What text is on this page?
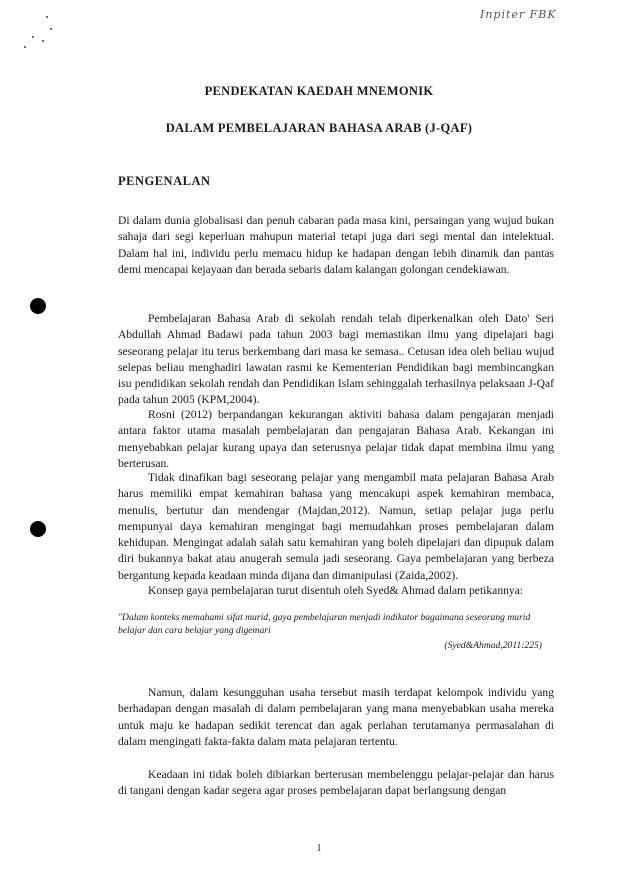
Inpiter FBK
PENDEKATAN KAEDAH MNEMONIK
DALAM PEMBELAJARAN BAHASA ARAB (J-QAF)
PENGENALAN

Di dalam dunia globalisasi dan penuh cabaran pada masa kini, persaingan yang wujud bukan sahaja dari segi keperluan mahupun material tetapi juga dari segi mental dan intelektual. Dalam hal ini, individu perlu memacu hidup ke hadapan dengan lebih dinamik dan pantas demi mencapai kejayaan dan berada sebaris dalam kalangan golongan cendekiawan.

Pembelajaran Bahasa Arab di sekolah rendah telah diperkenalkan oleh Dato' Seri Abdullah Ahmad Badawi pada tahun 2003 bagi memastikan ilmu yang dipelajari bagi seseorang pelajar itu terus berkembang dari masa ke semasa.. Cetusan idea oleh beliau wujud selepas beliau menghadiri lawatan rasmi ke Kementerian Pendidikan bagi membincangkan isu pendidikan sekolah rendah dan Pendidikan Islam sehinggalah terhasilnya pelaksaan J-Qaf pada tahun 2005 (KPM,2004).

Rosni (2012) berpandangan kekurangan aktiviti bahasa dalam pengajaran menjadi antara faktor utama masalah pembelajaran dan pengajaran Bahasa Arab. Kekangan ini menyebabkan pelajar kurang upaya dan seterusnya pelajar tidak dapat membina ilmu yang berterusan.

Tidak dinafikan bagi seseorang pelajar yang mengambil mata pelajaran Bahasa Arab harus memiliki empat kemahiran bahasa yang mencakupi aspek kemahiran membaca, menulis, bertutur dan mendengar (Majdan,2012). Namun, setiap pelajar juga perlu mempunyai daya kemahiran mengingat bagi memudahkan proses pembelajaran dalam kehidupan. Mengingat adalah salah satu kemahiran yang boleh dipelajari dan dipupuk dalam diri bukannya bakat atau anugerah semula jadi seseorang. Gaya pembelajaran yang berbeza bergantung kepada keadaan minda dijana dan dimanipulasi (Zaida,2002).

Konsep gaya pembelajaran turut disentuh oleh Syed& Ahmad dalam petikannya:

"Dalam konteks memahami sifat murid, gaya pembelajaran menjadi indikator bagaimana seseorang murid belajar dan cara belajar yang digemari

(Syed&Ahmad,2011:225)

Namun, dalam kesungguhan usaha tersebut masih terdapat kelompok individu yang berhadapan dengan masalah di dalam pembelajaran yang mana menyebabkan usaha mereka untuk maju ke hadapan sedikit terencat dan agak perlahan terutamanya permasalahan di dalam mengingati fakta-fakta dalam mata pelajaran tertentu.

Keadaan ini tidak boleh dibiarkan berterusan membelenggu pelajar-pelajar dan harus di tangani dengan kadar segera agar proses pembelajaran dapat berlangsung dengan

1
